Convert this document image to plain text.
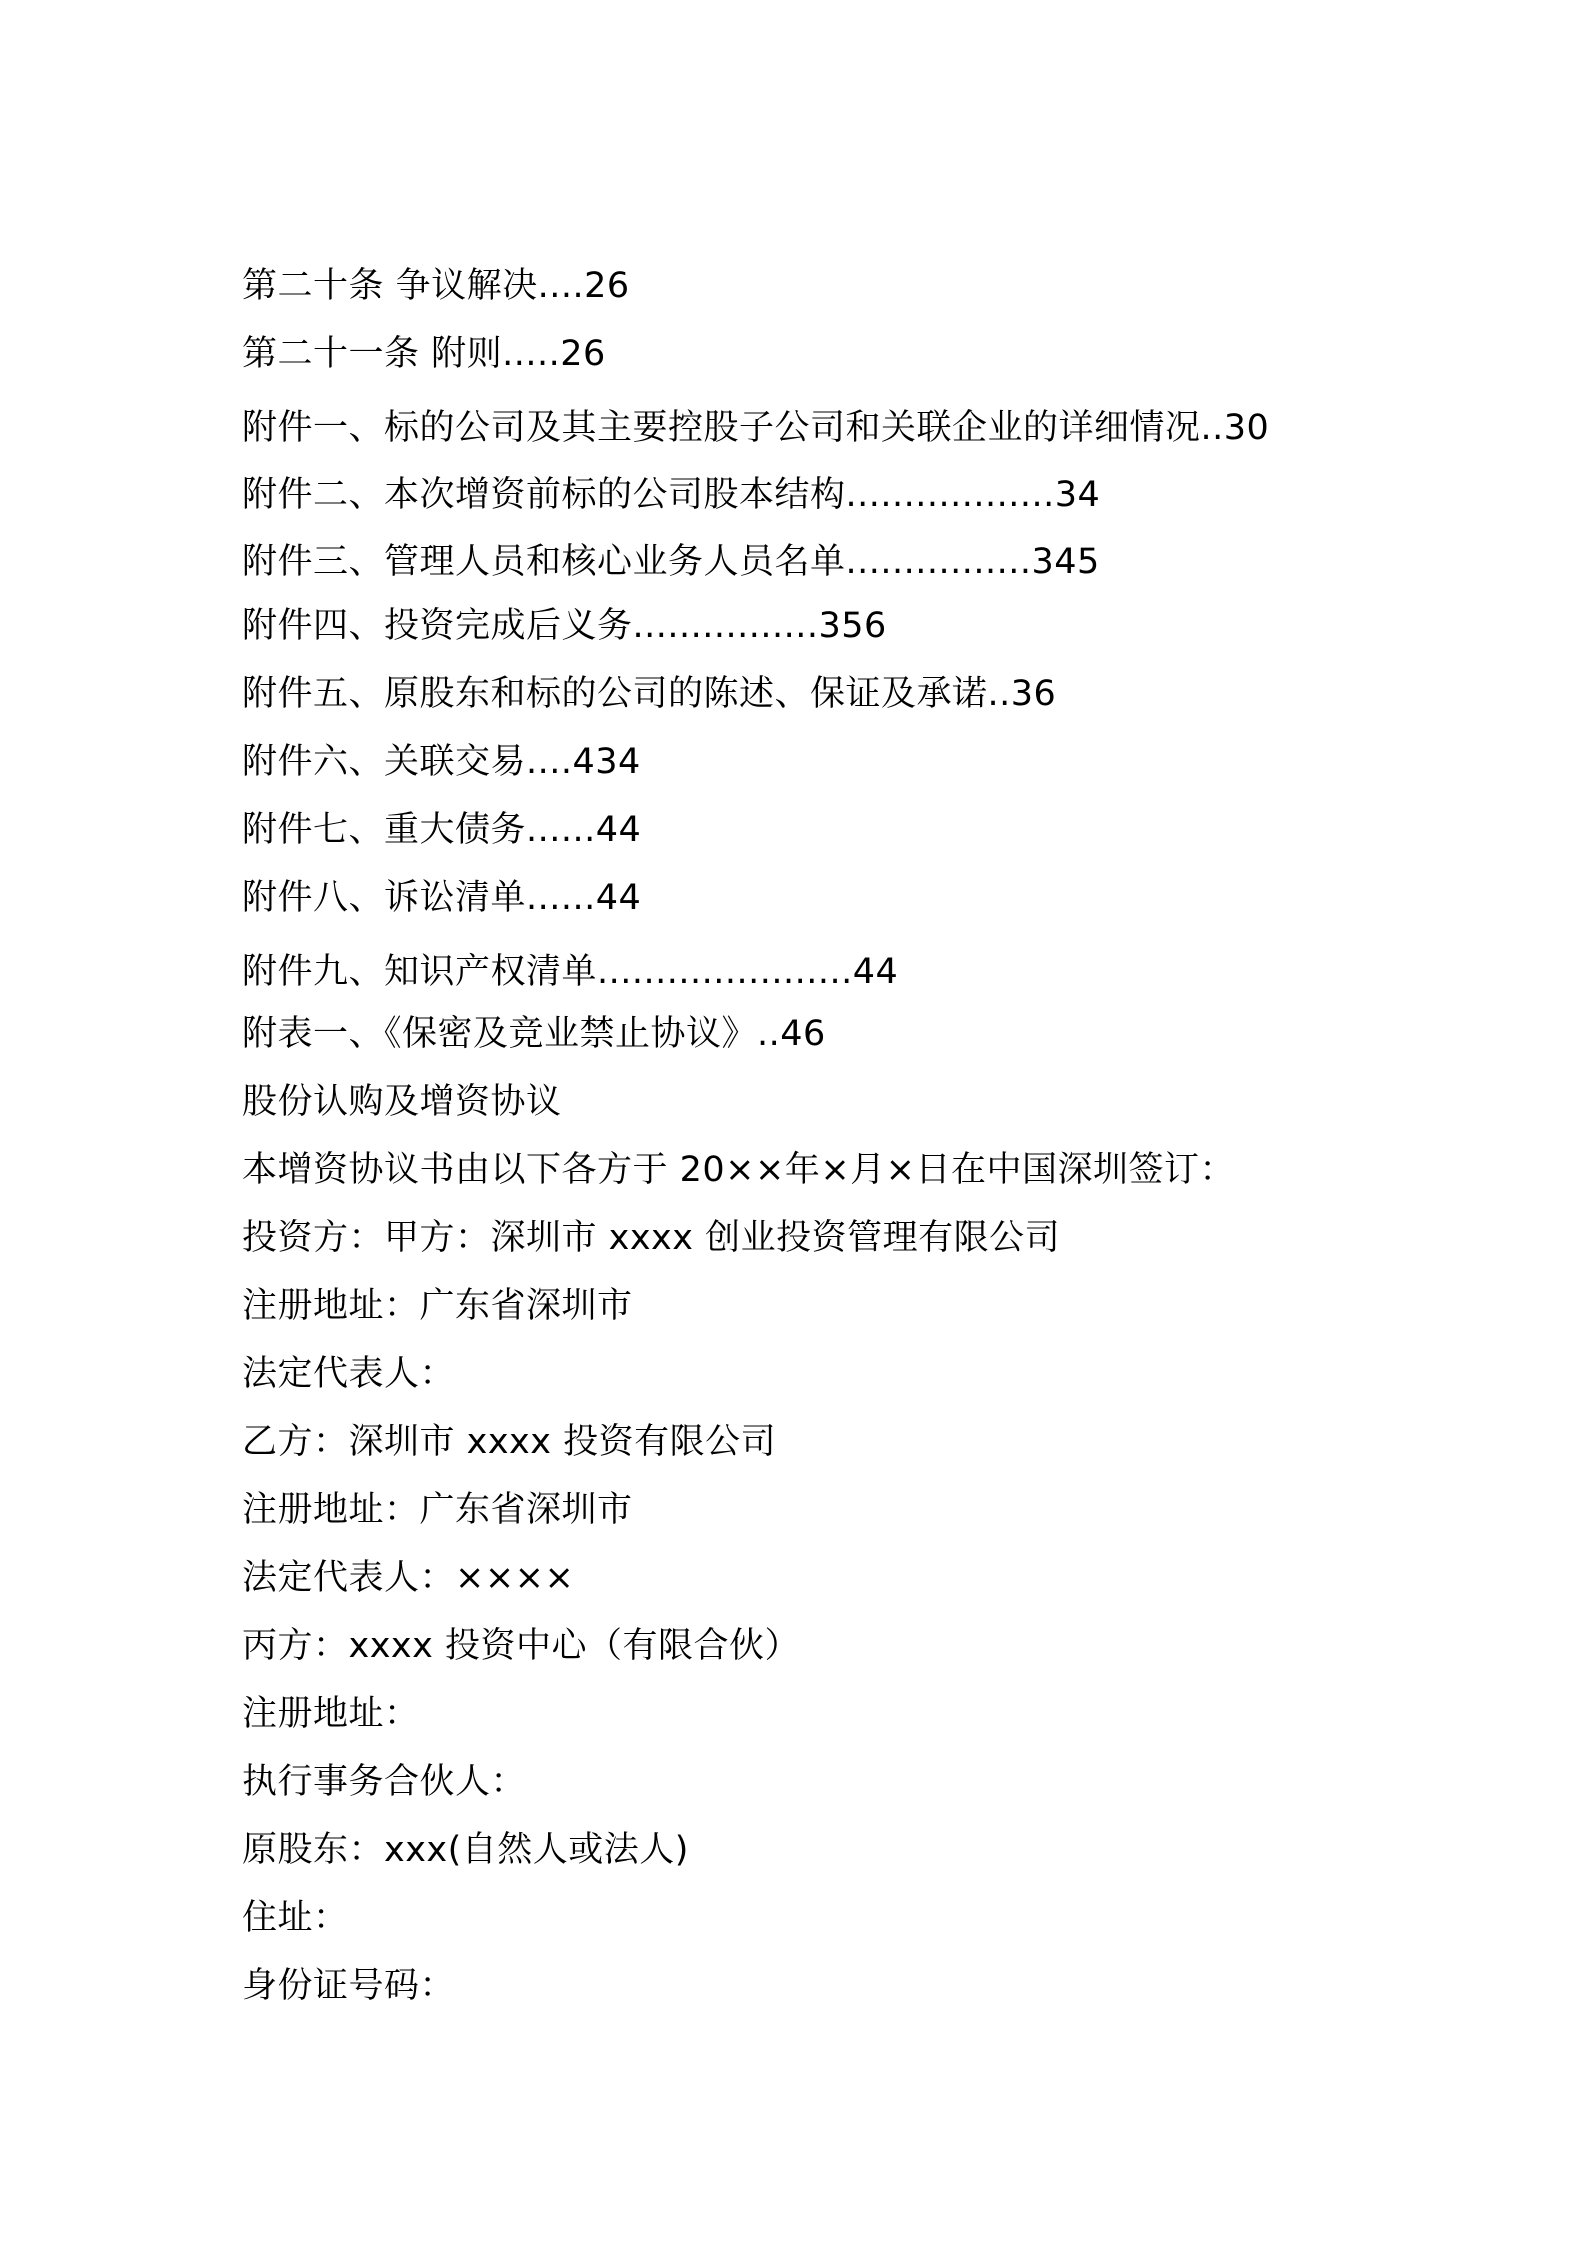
第二十条 争议解决....26
第二十一条 附则.....26
附件一、标的公司及其主要控股子公司和关联企业的详细情况..30
附件二、本次增资前标的公司股本结构..................34
附件三、管理人员和核心业务人员名单................345
附件四、投资完成后义务................356
附件五、原股东和标的公司的陈述、保证及承诺..36
附件六、关联交易....434
附件七、重大债务......44
附件八、诉讼清单......44
附件九、知识产权清单......................44
附表一、《保密及竞业禁止协议》..46
股份认购及增资协议
本增资协议书由以下各方于 20××年×月×日在中国深圳签订：
投资方：甲方：深圳市 xxxx 创业投资管理有限公司
注册地址：广东省深圳市
法定代表人：
乙方：深圳市 xxxx 投资有限公司
注册地址：广东省深圳市
法定代表人：××××
丙方：xxxx 投资中心（有限合伙）
注册地址：
执行事务合伙人：
原股东：xxx(自然人或法人)
住址：
身份证号码：
